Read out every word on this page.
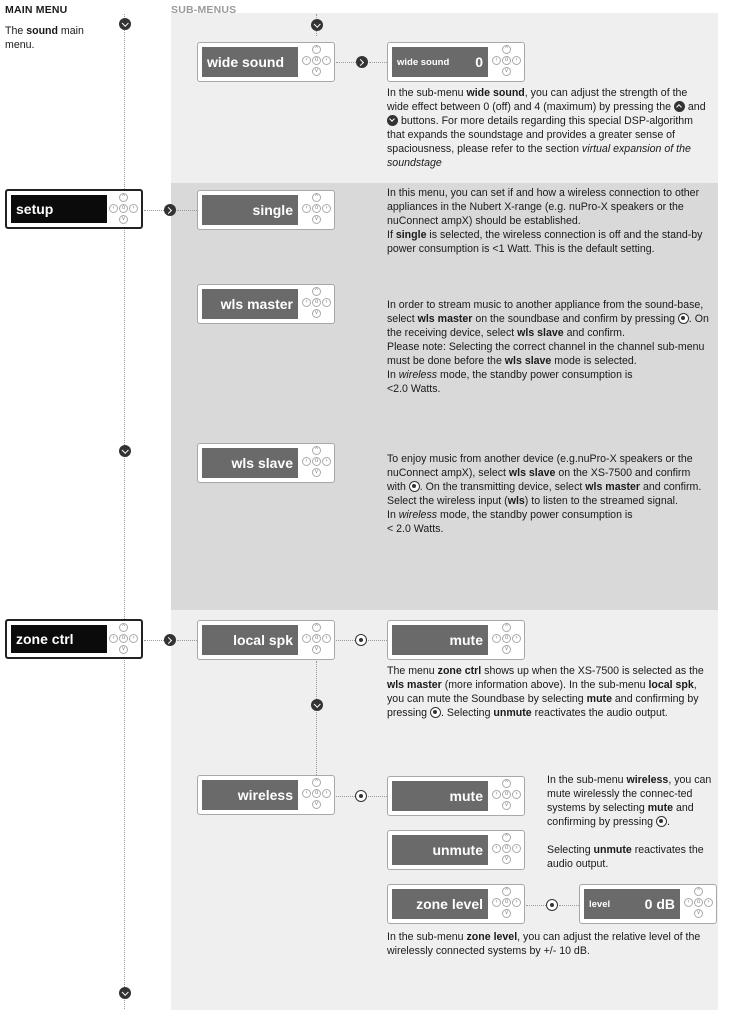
MAIN MENU	SUB-MENUS
The sound main menu.
wide sound
^
‹	o	›
v
wide sound 0
^
‹	o	›
v
In the sub-menu wide sound, you can adjust the strength of the wide effect between 0 (off) and 4 (maximum) by pressing the  and  buttons. For more details regarding this special DSP-algorithm that expands the soundstage and provides a greater sense of spaciousness, please refer to the section virtual expansion of the soundstage
setup
^
‹	o	›
v
single
^
‹	o	›
v
In this menu, you can set if and how a wireless connection to other appliances in the Nubert X-range (e.g. nuPro-X speakers or the nuConnect ampX) should be established.
If single is selected, the wireless connection is off and the stand-by power consumption is <1 Watt. This is the default setting.
wls master
^
‹	o	›
v
In order to stream music to another appliance from the sound-base, select wls master on the soundbase and confirm by pressing . On the receiving device, select wls slave and confirm.
Please note: Selecting the correct channel in the channel sub-menu must be done before the wls slave mode is selected.
In wireless mode, the standby power consumption is
<2.0 Watts.
wls slave
^
‹	o	›
v
To enjoy music from another device (e.g.nuPro-X speakers or the nuConnect ampX), select wls slave on the XS-7500 and confirm with . On the transmitting device, select wls master and confirm.
Select the wireless input (wls) to listen to the streamed signal.
In wireless mode, the standby power consumption is
< 2.0 Watts.
zone ctrl
^
‹	o	›
v
local spk
^
‹	o	›
v
mute
^
‹	o	›
v
The menu zone ctrl shows up when the XS-7500 is selected as the wls master (more information above). In the sub-menu local spk, you can mute the Soundbase by selecting mute and confirming by pressing . Selecting unmute reactivates the audio output.
wireless
^
‹	o	›
v	mute
^
‹	o	›
v
In the sub-menu wireless, you can mute wirelessly the connec-ted systems by selecting mute and confirming by pressing .
unmute
^
‹	o	›
v
Selecting unmute reactivates the audio output.
zone level
^
‹	o	›
v
level 0 dB
^
‹	o	›
v
In the sub-menu zone level, you can adjust the relative level of the wirelessly connected systems by +/- 10 dB.
